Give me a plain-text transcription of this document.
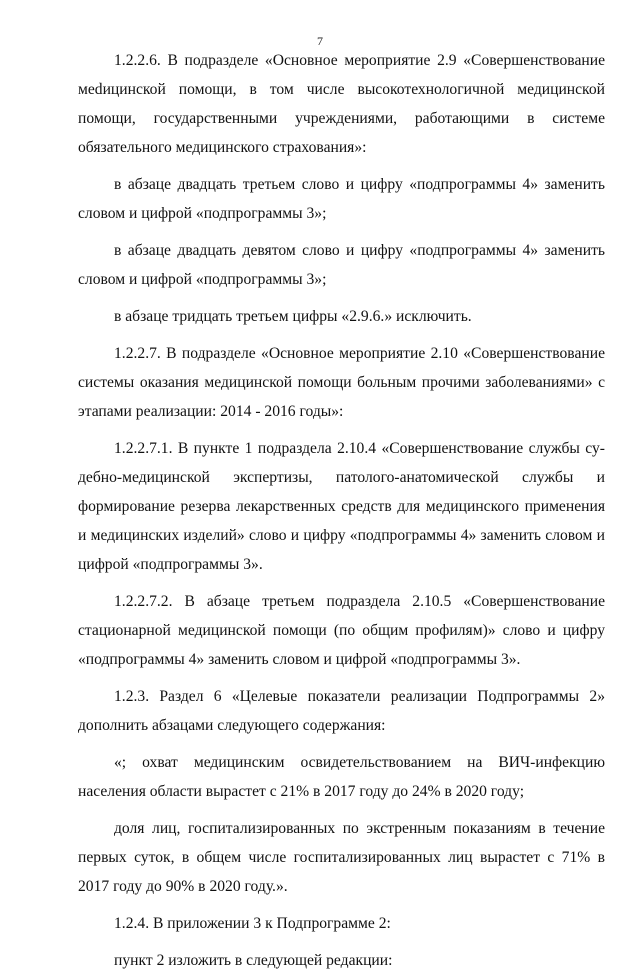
7

1.2.2.6. В подразделе «Основное мероприятие 2.9 «Совершенствование меdицинской помощи, в том числе высокотехнологичной медицинской помощи, государственными учреждениями, работающими в системе обязательного медицинского страхования»:

в абзаце двадцать третьем слово и цифру «подпрограммы 4» заменить словом и цифрой «подпрограммы 3»;

в абзаце двадцать девятом слово и цифру «подпрограммы 4» заменить словом и цифрой «подпрограммы 3»;

в абзаце тридцать третьем цифры «2.9.6.» исключить.

1.2.2.7. В подразделе «Основное мероприятие 2.10 «Совершенствование системы оказания медицинской помощи больным прочими заболеваниями» с этапами реализации: 2014 - 2016 годы»:

1.2.2.7.1. В пункте 1 подраздела 2.10.4 «Совершенствование службы судебно-медицинской экспертизы, патолого-анатомической службы и формирование резерва лекарственных средств для медицинского применения и медицинских изделий» слово и цифру «подпрограммы 4» заменить словом и цифрой «подпрограммы 3».

1.2.2.7.2. В абзаце третьем подраздела 2.10.5 «Совершенствование стационарной медицинской помощи (по общим профилям)» слово и цифру «подпрограммы 4» заменить словом и цифрой «подпрограммы 3».

1.2.3. Раздел 6 «Целевые показатели реализации Подпрограммы 2» дополнить абзацами следующего содержания:

«; охват медицинским освидетельствованием на ВИЧ-инфекцию населения области вырастет с 21% в 2017 году до 24% в 2020 году;

доля лиц, госпитализированных по экстренным показаниям в течение первых суток, в общем числе госпитализированных лиц вырастет с 71% в 2017 году до 90% в 2020 году.».

1.2.4. В приложении 3 к Подпрограмме 2:

пункт 2 изложить в следующей редакции:
